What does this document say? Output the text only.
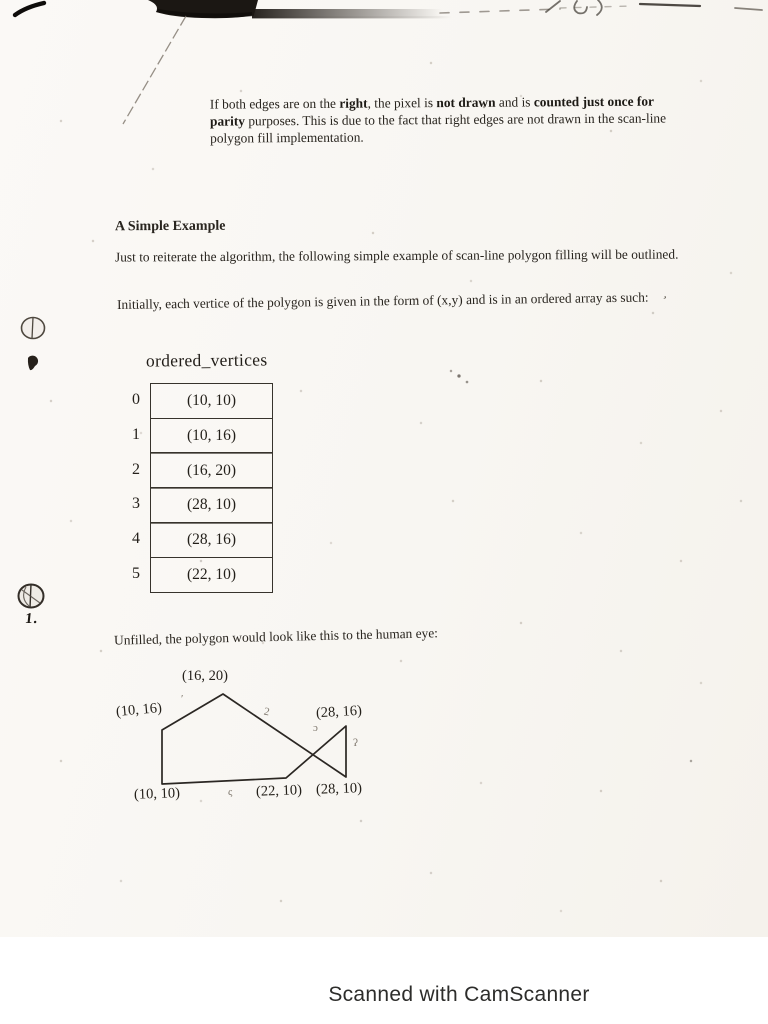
1.
If both edges are on the right, the pixel is not drawn and is counted just once for parity purposes. This is due to the fact that right edges are not drawn in the scan-line polygon fill implementation.
A Simple Example
Just to reiterate the algorithm, the following simple example of scan-line polygon filling will be outlined.
Initially, each vertice of the polygon is given in the form of (x,y) and is in an ordered array as such: ’
ordered_vertices
0
1
2
3
4
5
(10, 10)
(10, 16)
(16, 20)
(28, 10)
(28, 16)
(22, 10)
Unfilled, the polygon would look like this to the human eye:
(16, 20)
(10, 16)	(28, 16)
(10, 10)	(22, 10) (28, 10)
′
2
ɔ
ʔ
ς
Scanned with CamScanner
